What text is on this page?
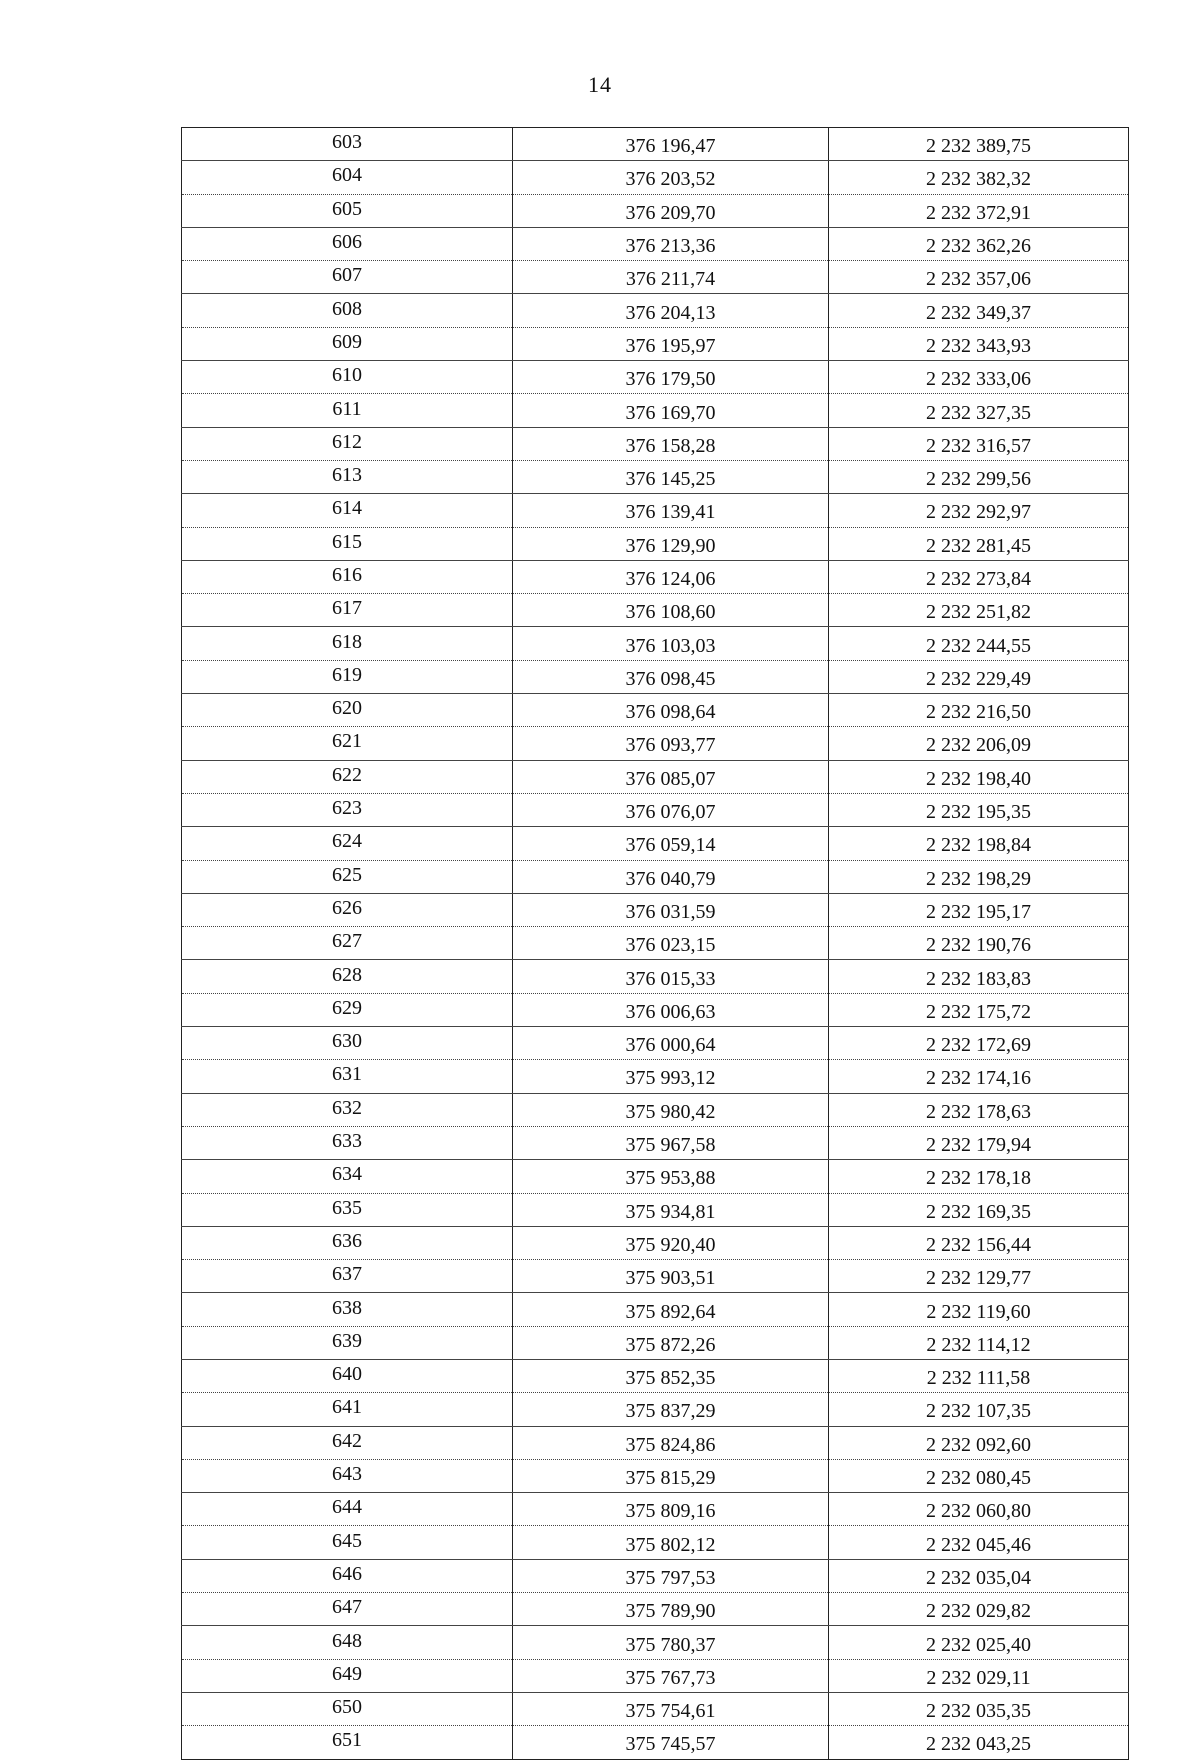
14
603	376 196,47	2 232 389,75
604	376 203,52	2 232 382,32
605	376 209,70	2 232 372,91
606	376 213,36	2 232 362,26
607	376 211,74	2 232 357,06
608	376 204,13	2 232 349,37
609	376 195,97	2 232 343,93
610	376 179,50	2 232 333,06
611	376 169,70	2 232 327,35
612	376 158,28	2 232 316,57
613	376 145,25	2 232 299,56
614	376 139,41	2 232 292,97
615	376 129,90	2 232 281,45
616	376 124,06	2 232 273,84
617	376 108,60	2 232 251,82
618	376 103,03	2 232 244,55
619	376 098,45	2 232 229,49
620	376 098,64	2 232 216,50
621	376 093,77	2 232 206,09
622	376 085,07	2 232 198,40
623	376 076,07	2 232 195,35
624	376 059,14	2 232 198,84
625	376 040,79	2 232 198,29
626	376 031,59	2 232 195,17
627	376 023,15	2 232 190,76
628	376 015,33	2 232 183,83
629	376 006,63	2 232 175,72
630	376 000,64	2 232 172,69
631	375 993,12	2 232 174,16
632	375 980,42	2 232 178,63
633	375 967,58	2 232 179,94
634	375 953,88	2 232 178,18
635	375 934,81	2 232 169,35
636	375 920,40	2 232 156,44
637	375 903,51	2 232 129,77
638	375 892,64	2 232 119,60
639	375 872,26	2 232 114,12
640	375 852,35	2 232 111,58
641	375 837,29	2 232 107,35
642	375 824,86	2 232 092,60
643	375 815,29	2 232 080,45
644	375 809,16	2 232 060,80
645	375 802,12	2 232 045,46
646	375 797,53	2 232 035,04
647	375 789,90	2 232 029,82
648	375 780,37	2 232 025,40
649	375 767,73	2 232 029,11
650	375 754,61	2 232 035,35
651	375 745,57	2 232 043,25
